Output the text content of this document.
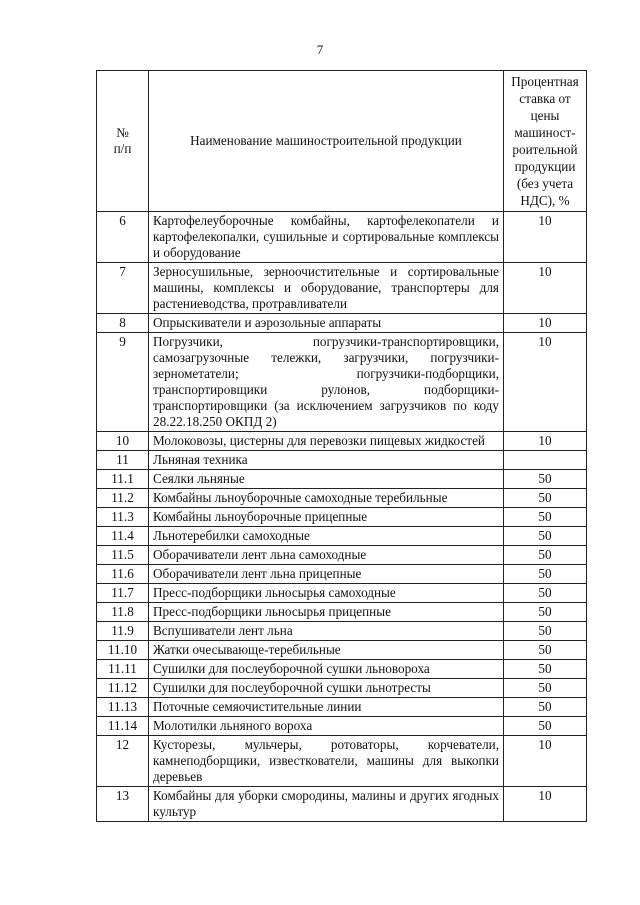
7
№
п/п	Наименование машиностроительной продукции	Процентная ставка от цены машиност-роительной продукции (без учета НДС), %
6	Картофелеуборочные комбайны, картофелекопатели и картофелекопалки, сушильные и сортировальные комплексы и оборудование	10
7	Зерносушильные, зерноочистительные и сортировальные машины, комплексы и оборудование, транспортеры для растениеводства, протравливатели	10
8	Опрыскиватели и аэрозольные аппараты	10
9	Погрузчики, погрузчики-транспортировщики, самозагрузочные тележки, загрузчики, погрузчики-зернометатели; погрузчики-подборщики, транспортировщики рулонов, подборщики-транспортировщики (за исключением загрузчиков по коду 28.22.18.250 ОКПД 2)	10
10	Молоковозы, цистерны для перевозки пищевых жидкостей	10
11	Льняная техника	
11.1	Сеялки льняные	50
11.2	Комбайны льноуборочные самоходные теребильные	50
11.3	Комбайны льноуборочные прицепные	50
11.4	Льнотеребилки самоходные	50
11.5	Оборачиватели лент льна самоходные	50
11.6	Оборачиватели лент льна прицепные	50
11.7	Пресс-подборщики льносырья самоходные	50
11.8	Пресс-подборщики льносырья прицепные	50
11.9	Вспушиватели лент льна	50
11.10	Жатки очесывающе-теребильные	50
11.11	Сушилки для послеуборочной сушки льновороха	50
11.12	Сушилки для послеуборочной сушки льнотресты	50
11.13	Поточные семяочистительные линии	50
11.14	Молотилки льняного вороха	50
12	Кусторезы, мульчеры, ротоваторы, корчеватели, камнеподборщики, известкователи, машины для выкопки деревьев	10
13	Комбайны для уборки смородины, малины и других ягодных культур	10
